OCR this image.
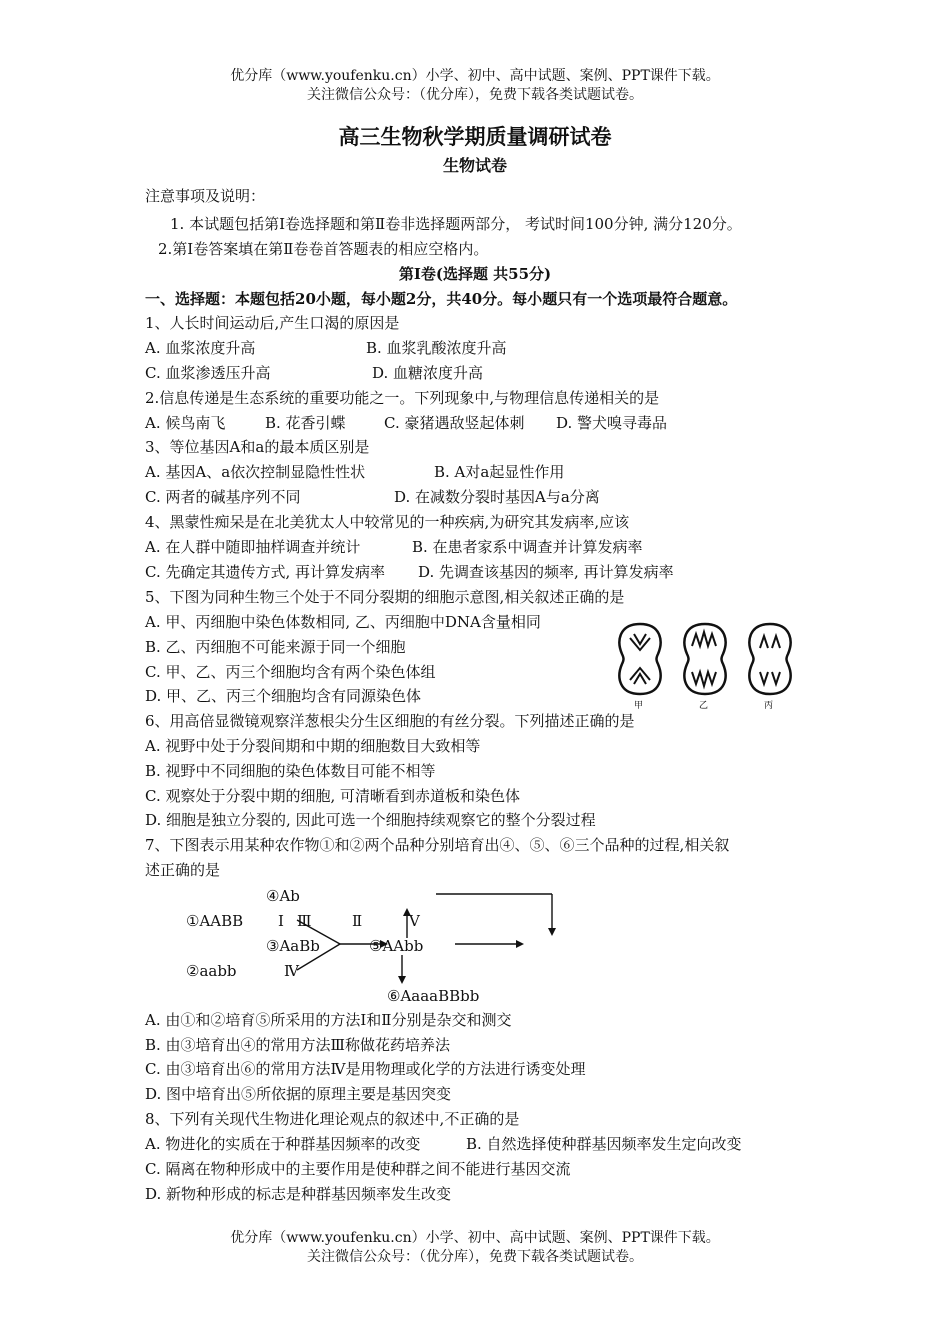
优分库（www.youfenku.cn）小学、初中、高中试题、案例、PPT课件下载。
关注微信公众号：（优分库），免费下载各类试题试卷。
高三生物秋学期质量调研试卷
生物试卷
注意事项及说明：
1. 本试题包括第Ⅰ卷选择题和第Ⅱ卷非选择题两部分， 考试时间100分钟, 满分120分。
2.第Ⅰ卷答案填在第Ⅱ卷卷首答题表的相应空格内。
第Ⅰ卷(选择题 共55分)
一、选择题：本题包括20小题，每小题2分，共40分。每小题只有一个选项最符合题意。
1、人长时间运动后,产生口渴的原因是
A. 血浆浓度升高	B. 血浆乳酸浓度升高
C. 血浆渗透压升高	D. 血糖浓度升高
2.信息传递是生态系统的重要功能之一。下列现象中,与物理信息传递相关的是
A. 候鸟南飞	B. 花香引蝶	C. 豪猪遇敌竖起体刺 D. 警犬嗅寻毒品
3、等位基因A和a的最本质区别是
A. 基因A、a依次控制显隐性性状	B. A对a起显性作用
C. 两者的碱基序列不同	D. 在减数分裂时基因A与a分离
4、黑蒙性痴呆是在北美犹太人中较常见的一种疾病,为研究其发病率,应该
A. 在人群中随即抽样调查并统计	B. 在患者家系中调查并计算发病率
C. 先确定其遗传方式, 再计算发病率 D. 先调查该基因的频率, 再计算发病率
5、下图为同种生物三个处于不同分裂期的细胞示意图,相关叙述正确的是
A. 甲、丙细胞中染色体数相同, 乙、丙细胞中DNA含量相同
B. 乙、丙细胞不可能来源于同一个细胞
C. 甲、乙、丙三个细胞均含有两个染色体组
D. 甲、乙、丙三个细胞均含有同源染色体
甲	乙	丙
6、用高倍显微镜观察洋葱根尖分生区细胞的有丝分裂。下列描述正确的是
A. 视野中处于分裂间期和中期的细胞数目大致相等
B. 视野中不同细胞的染色体数目可能不相等
C. 观察处于分裂中期的细胞, 可清晰看到赤道板和染色体
D. 细胞是独立分裂的, 因此可选一个细胞持续观察它的整个分裂过程
7、下图表示用某种农作物①和②两个品种分别培育出④、⑤、⑥三个品种的过程,相关叙
述正确的是
④Ab
①AABB Ⅰ Ⅲ	Ⅱ	Ⅴ
③AaBb	⑤AAbb
②aabb	Ⅳ
⑥AaaaBBbb
A. 由①和②培育⑤所采用的方法Ⅰ和Ⅱ分别是杂交和测交
B. 由③培育出④的常用方法Ⅲ称做花药培养法
C. 由③培育出⑥的常用方法Ⅳ是用物理或化学的方法进行诱变处理
D. 图中培育出⑤所依据的原理主要是基因突变
8、下列有关现代生物进化理论观点的叙述中,不正确的是
A. 物进化的实质在于种群基因频率的改变	B. 自然选择使种群基因频率发生定向改变
C. 隔离在物种形成中的主要作用是使种群之间不能进行基因交流
D. 新物种形成的标志是种群基因频率发生改变
优分库（www.youfenku.cn）小学、初中、高中试题、案例、PPT课件下载。
关注微信公众号：（优分库），免费下载各类试题试卷。
